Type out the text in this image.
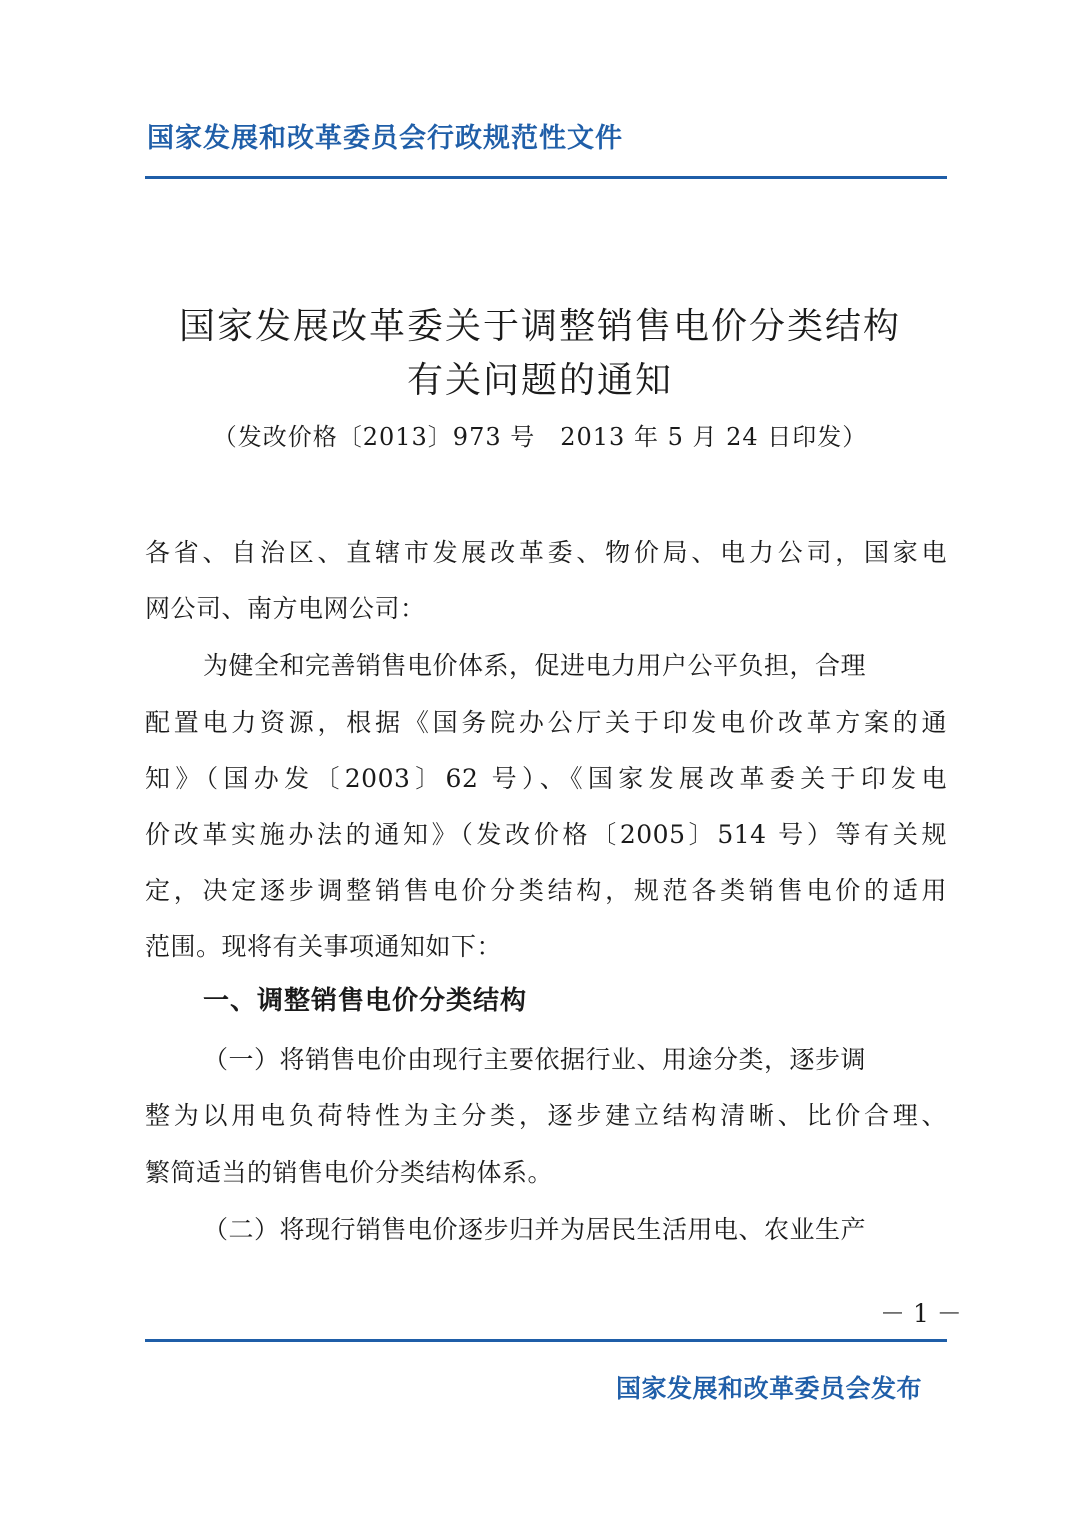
国家发展和改革委员会行政规范性文件
国家发展改革委关于调整销售电价分类结构
有关问题的通知
（发改价格〔2013〕973 号　2013 年 5 月 24 日印发）
各省、自治区、直辖市发展改革委、物价局、电力公司，国家电
网公司、南方电网公司：
为健全和完善销售电价体系，促进电力用户公平负担，合理
配置电力资源，根据《国务院办公厅关于印发电价改革方案的通
知》（国办发〔2003〕62 号）、《国家发展改革委关于印发电
价改革实施办法的通知》（发改价格〔2005〕514 号）等有关规
定，决定逐步调整销售电价分类结构，规范各类销售电价的适用
范围。现将有关事项通知如下：
一、调整销售电价分类结构
（一）将销售电价由现行主要依据行业、用途分类，逐步调
整为以用电负荷特性为主分类，逐步建立结构清晰、比价合理、
繁简适当的销售电价分类结构体系。
（二）将现行销售电价逐步归并为居民生活用电、农业生产
－ 1 －
国家发展和改革委员会发布
